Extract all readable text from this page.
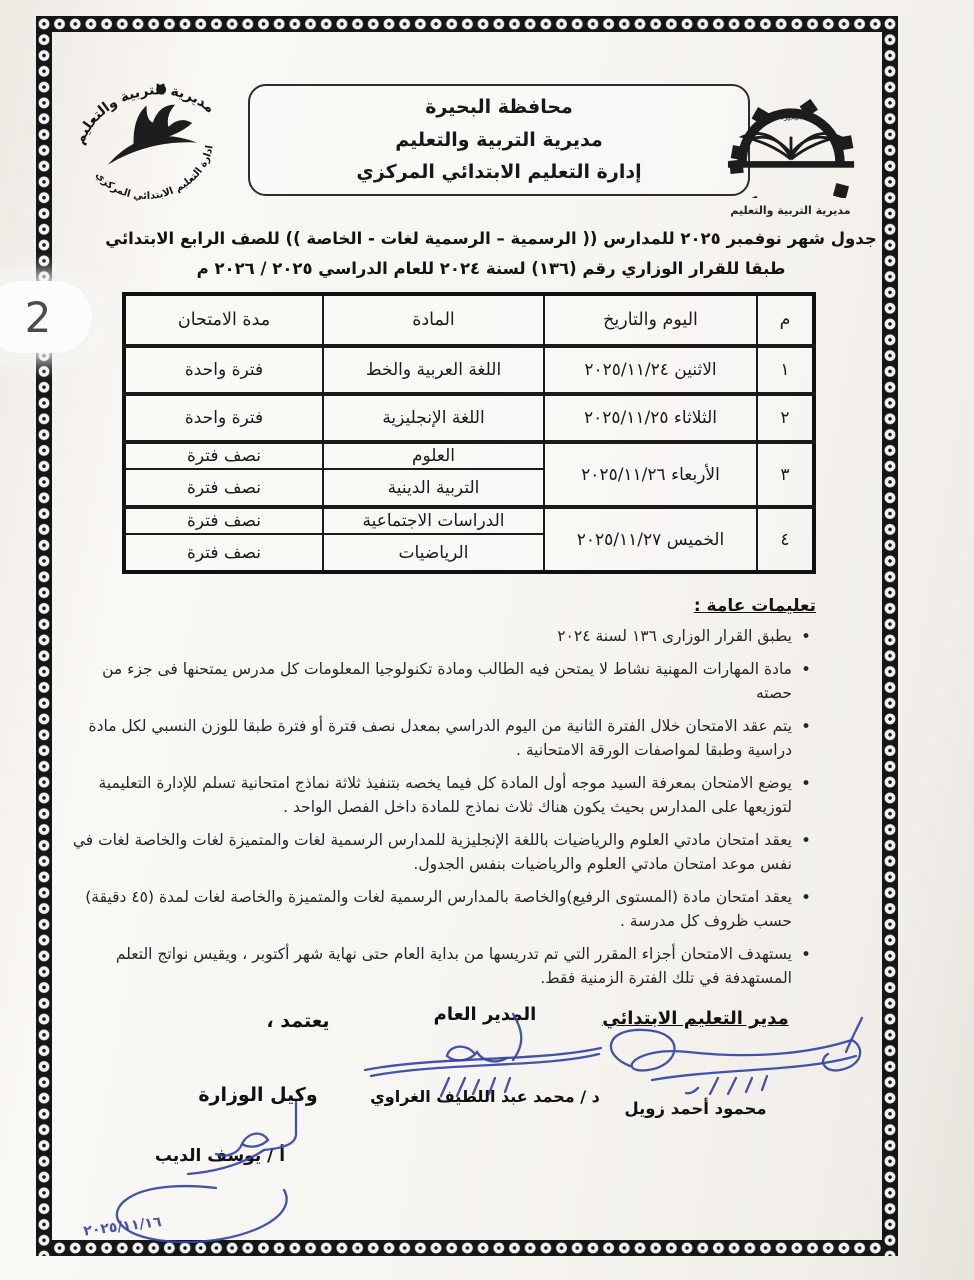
2
مديرية التربية والتعليم
ادارة التعليم الابتدائي المركزي
محافظة البحيرة
مديرية التربية والتعليم
إدارة التعليم الابتدائي المركزي
البحيرة
مديرية التربية والتعليم
جدول شهر نوفمبر ٢٠٢٥ للمدارس (( الرسمية – الرسمية لغات - الخاصة )) للصف الرابع الابتدائي
طبقا للقرار الوزاري رقم (١٣٦) لسنة ٢٠٢٤ للعام الدراسي ٢٠٢٥ / ٢٠٢٦ م
م	اليوم والتاريخ	المادة	مدة الامتحان
١	الاثنين ٢٠٢٥/١١/٢٤	اللغة العربية والخط	فترة واحدة
٢	الثلاثاء ٢٠٢٥/١١/٢٥	اللغة الإنجليزية	فترة واحدة
٣	الأربعاء ٢٠٢٥/١١/٢٦	العلوم	نصف فترة
		التربية الدينية	نصف فترة
٤	الخميس ٢٠٢٥/١١/٢٧	الدراسات الاجتماعية	نصف فترة
		الرياضيات	نصف فترة
تعليمات عامة :
• يطبق القرار الوزارى ١٣٦ لسنة ٢٠٢٤
• مادة المهارات المهنية نشاط لا يمتحن فيه الطالب ومادة تكنولوجيا المعلومات كل مدرس يمتحنها فى جزء من حصته
• يتم عقد الامتحان خلال الفترة الثانية من اليوم الدراسي بمعدل نصف فترة أو فترة طبقا للوزن النسبي لكل مادة دراسية وطبقا لمواصفات الورقة الامتحانية .
• يوضع الامتحان بمعرفة السيد موجه أول المادة كل فيما يخصه بتنفيذ ثلاثة نماذج امتحانية تسلم للإدارة التعليمية لتوزيعها على المدارس بحيث يكون هناك ثلاث نماذج للمادة داخل الفصل الواحد .
• يعقد امتحان مادتي العلوم والرياضيات باللغة الإنجليزية للمدارس الرسمية لغات والمتميزة لغات والخاصة لغات في نفس موعد امتحان مادتي العلوم والرياضيات بنفس الجدول.
• يعقد امتحان مادة (المستوى الرفيع)والخاصة بالمدارس الرسمية لغات والمتميزة والخاصة لغات لمدة (٤٥ دقيقة) حسب ظروف كل مدرسة .
• يستهدف الامتحان أجزاء المقرر التي تم تدريسها من بداية العام حتى نهاية شهر أكتوبر ، ويقيس نواتج التعلم المستهدفة في تلك الفترة الزمنية فقط.
مدير التعليم الابتدائي
محمود أحمد زويل
المدير العام
د / محمد عبد اللطيف الغراوي
يعتمد ،
وكيل الوزارة
أ / يوسف الديب
٢٠٢٥/١١/١٦
